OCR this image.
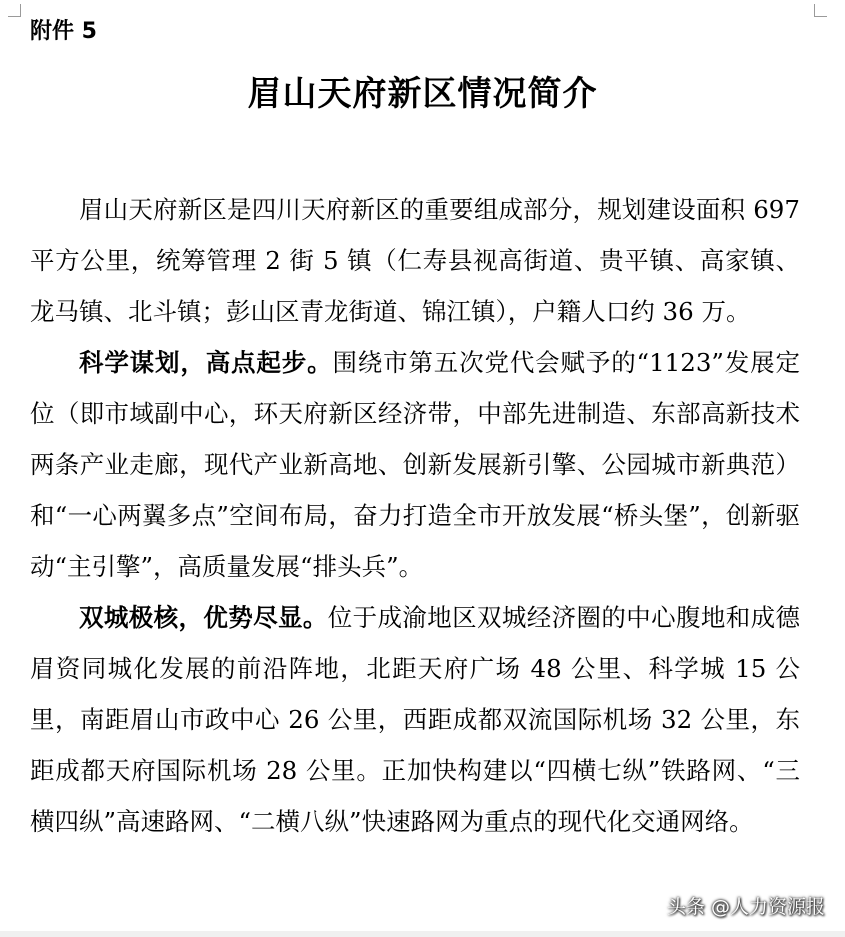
附件 5
眉山天府新区情况简介

眉山天府新区是四川天府新区的重要组成部分，规划建设面积 697 平方公里，统筹管理 2 街 5 镇（仁寿县视高街道、贵平镇、高家镇、龙马镇、北斗镇；彭山区青龙街道、锦江镇），户籍人口约 36 万。

科学谋划，高点起步。围绕市第五次党代会赋予的“1123”发展定位（即市域副中心，环天府新区经济带，中部先进制造、东部高新技术两条产业走廊，现代产业新高地、创新发展新引擎、公园城市新典范）和“一心两翼多点”空间布局，奋力打造全市开放发展“桥头堡”，创新驱动“主引擎”，高质量发展“排头兵”。

双城极核，优势尽显。位于成渝地区双城经济圈的中心腹地和成德眉资同城化发展的前沿阵地，北距天府广场 48 公里、科学城 15 公里，南距眉山市政中心 26 公里，西距成都双流国际机场 32 公里，东距成都天府国际机场 28 公里。正加快构建以“四横七纵”铁路网、“三横四纵”高速路网、“二横八纵”快速路网为重点的现代化交通网络。

头条 @人力资源报
